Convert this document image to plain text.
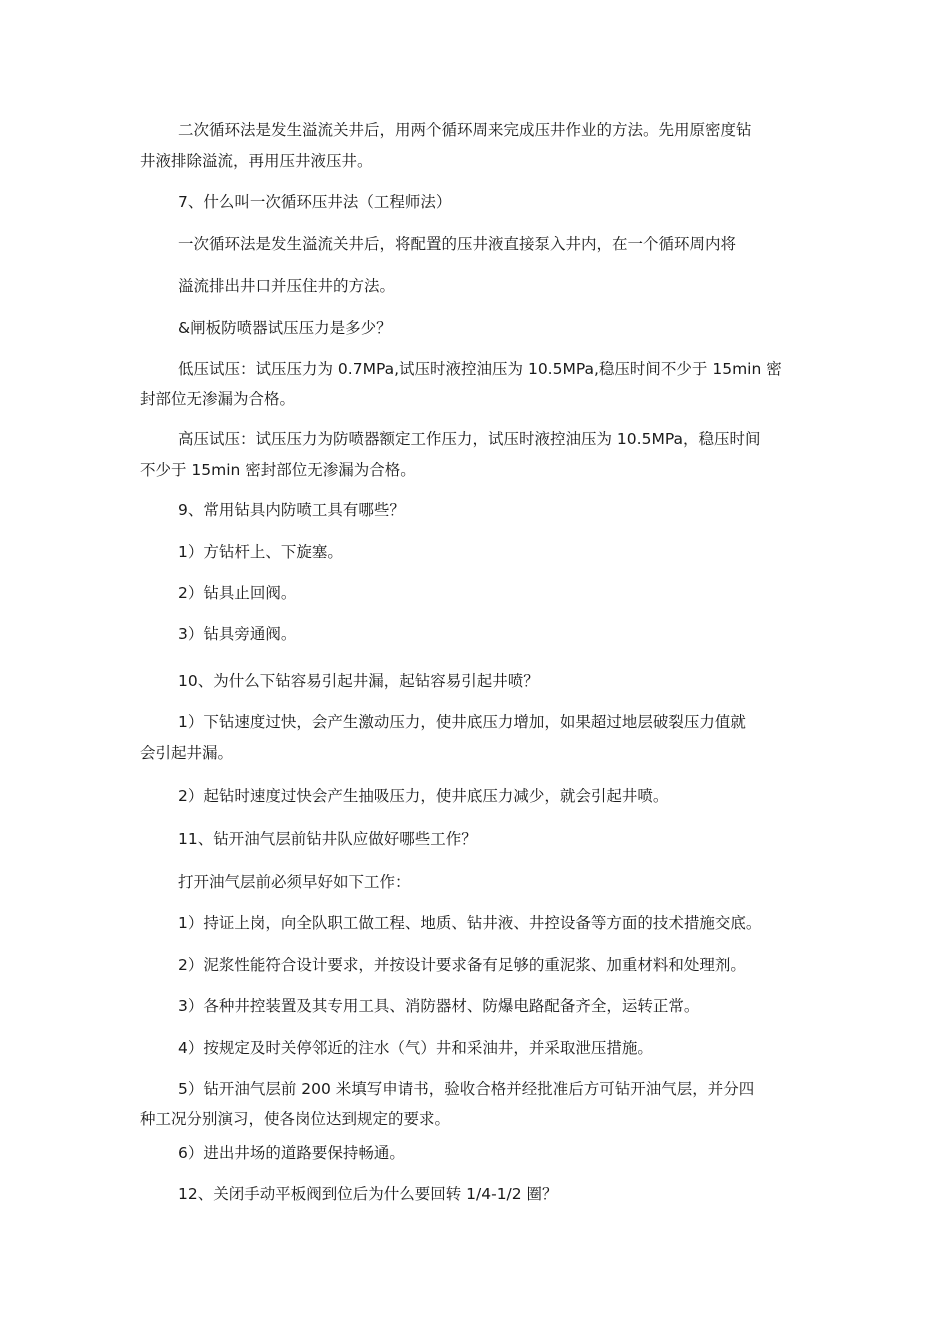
二次循环法是发生溢流关井后，用两个循环周来完成压井作业的方法。先用原密度钻

井液排除溢流，再用压井液压井。

7、什么叫一次循环压井法（工程师法）

一次循环法是发生溢流关井后，将配置的压井液直接泵入井内，在一个循环周内将

溢流排出井口并压住井的方法。

&闸板防喷器试压压力是多少？

低压试压：试压压力为 0.7MPa,试压时液控油压为 10.5MPa,稳压时间不少于 15min 密

封部位无渗漏为合格。

高压试压：试压压力为防喷器额定工作压力，试压时液控油压为 10.5MPa，稳压时间

不少于 15min 密封部位无渗漏为合格。

9、常用钻具内防喷工具有哪些？

1）方钻杆上、下旋塞。

2）钻具止回阀。

3）钻具旁通阀。

10、为什么下钻容易引起井漏，起钻容易引起井喷？

1）下钻速度过快，会产生激动压力，使井底压力增加，如果超过地层破裂压力值就

会引起井漏。

2）起钻时速度过快会产生抽吸压力，使井底压力减少，就会引起井喷。

11、钻开油气层前钻井队应做好哪些工作？

打开油气层前必须早好如下工作：

1）持证上岗，向全队职工做工程、地质、钻井液、井控设备等方面的技术措施交底。

2）泥浆性能符合设计要求，并按设计要求备有足够的重泥浆、加重材料和处理剂。

3）各种井控装置及其专用工具、消防器材、防爆电路配备齐全，运转正常。

4）按规定及时关停邻近的注水（气）井和采油井，并采取泄压措施。

5）钻开油气层前 200 米填写申请书，验收合格并经批准后方可钻开油气层，并分四

种工况分别演习，使各岗位达到规定的要求。

6）进出井场的道路要保持畅通。

12、关闭手动平板阀到位后为什么要回转 1/4-1/2 圈？
